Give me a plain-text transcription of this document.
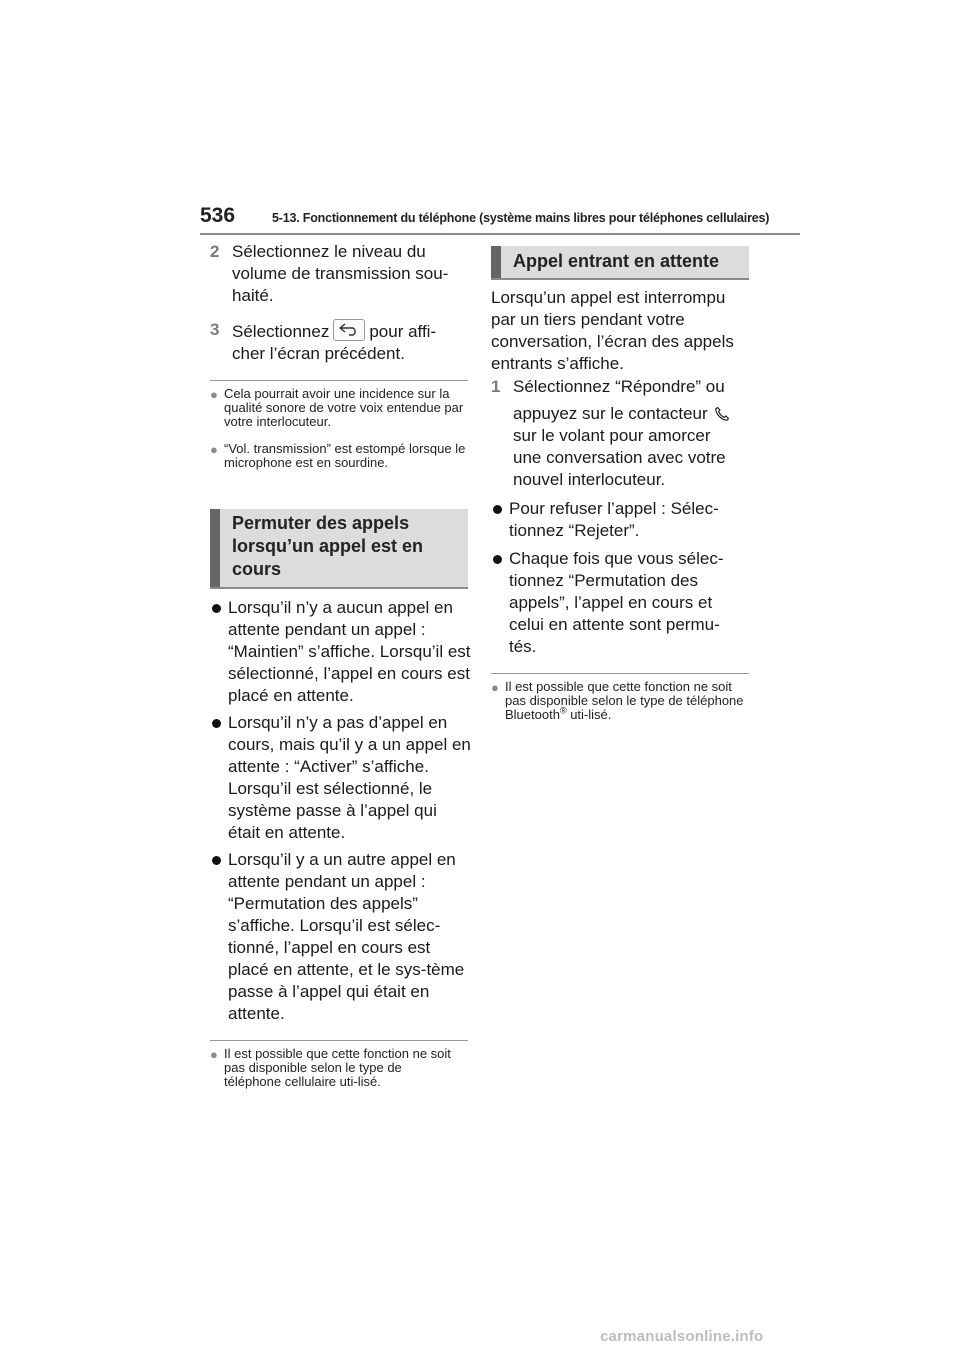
536	5-13. Fonctionnement du téléphone (système mains libres pour téléphones cellulaires)
2 Sélectionnez le niveau du volume de transmission sou-haité.
3 Sélectionnez pour affi-
cher l’écran précédent.
● Cela pourrait avoir une incidence sur la qualité sonore de votre voix entendue par votre interlocuteur.
● “Vol. transmission” est estompé lorsque le microphone est en sourdine.
Permuter des appels lorsqu’un appel est en cours
Lorsqu’il n’y a aucun appel en attente pendant un appel : “Maintien” s’affiche. Lorsqu’il est sélectionné, l’appel en cours est placé en attente.
Lorsqu’il n’y a pas d’appel en cours, mais qu’il y a un appel en attente : “Activer” s’affiche. Lorsqu’il est sélectionné, le système passe à l’appel qui était en attente.
Lorsqu’il y a un autre appel en attente pendant un appel : “Permutation des appels” s’affiche. Lorsqu’il est sélec-tionné, l’appel en cours est placé en attente, et le sys-tème passe à l’appel qui était en attente.
● Il est possible que cette fonction ne soit pas disponible selon le type de téléphone cellulaire uti-lisé.
Appel entrant en attente
Lorsqu’un appel est interrompu par un tiers pendant votre conversation, l’écran des appels entrants s’affiche.
1 Sélectionnez “Répondre” ou
appuyez sur le contacteur

sur le volant pour amorcer une conversation avec votre nouvel interlocuteur.
Pour refuser l’appel : Sélec-tionnez “Rejeter”.
Chaque fois que vous sélec-tionnez “Permutation des appels”, l’appel en cours et celui en attente sont permu-tés.
● Il est possible que cette fonction ne soit pas disponible selon le type de téléphone Bluetooth® uti-lisé.
carmanualsonline.info
